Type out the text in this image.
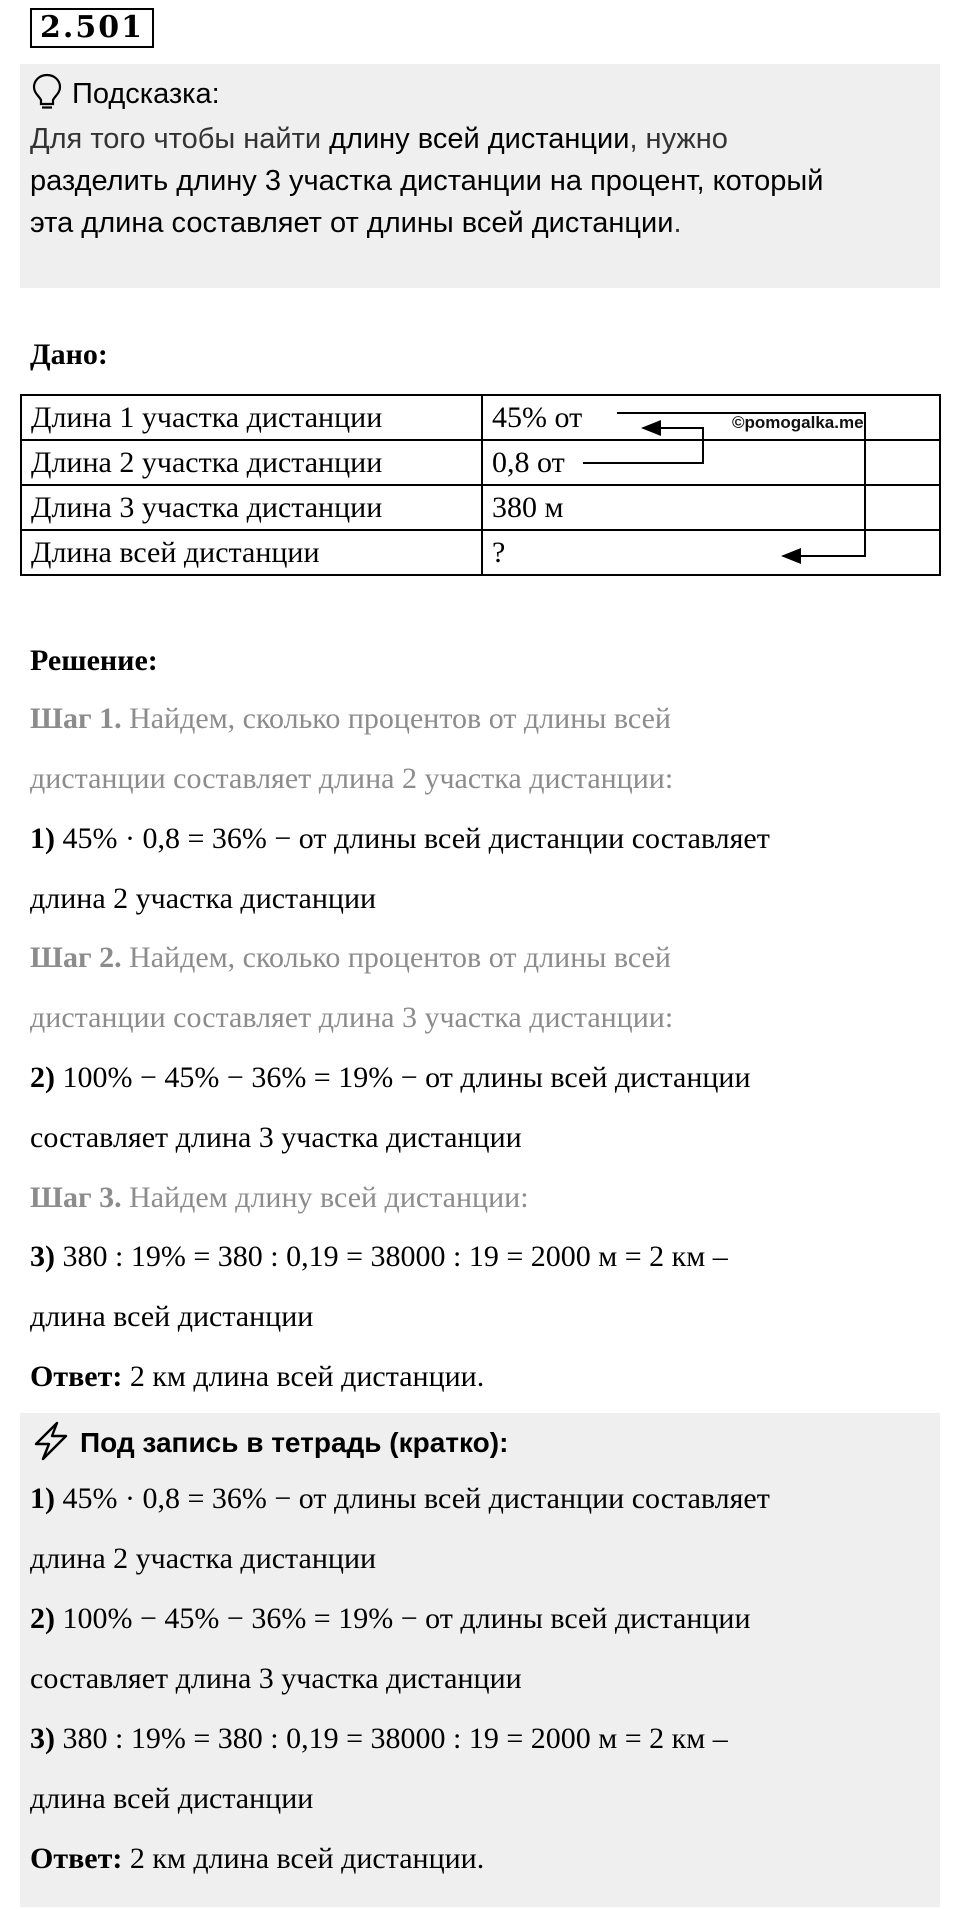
2.501
Подсказка:
Для того чтобы найти длину всей дистанции, нужно
разделить длину 3 участка дистанции на процент, который
эта длина составляет от длины всей дистанции.
Дано:
Длина 1 участка дистанции	45% от
Длина 2 участка дистанции	0,8 от
Длина 3 участка дистанции	380 м
Длина всей дистанции	?
©pomogalka.me
Решение:
Шаг 1. Найдем, сколько процентов от длины всей
дистанции составляет длина 2 участка дистанции:
1) 45% · 0,8 = 36% − от длины всей дистанции составляет
длина 2 участка дистанции
Шаг 2. Найдем, сколько процентов от длины всей
дистанции составляет длина 3 участка дистанции:
2) 100% − 45% − 36% = 19% − от длины всей дистанции
составляет длина 3 участка дистанции
Шаг 3. Найдем длину всей дистанции:
3) 380 : 19% = 380 : 0,19 = 38000 : 19 = 2000 м = 2 км –
длина всей дистанции
Ответ: 2 км длина всей дистанции.
Под запись в тетрадь (кратко):
1) 45% · 0,8 = 36% − от длины всей дистанции составляет
длина 2 участка дистанции
2) 100% − 45% − 36% = 19% − от длины всей дистанции
составляет длина 3 участка дистанции
3) 380 : 19% = 380 : 0,19 = 38000 : 19 = 2000 м = 2 км –
длина всей дистанции
Ответ: 2 км длина всей дистанции.
